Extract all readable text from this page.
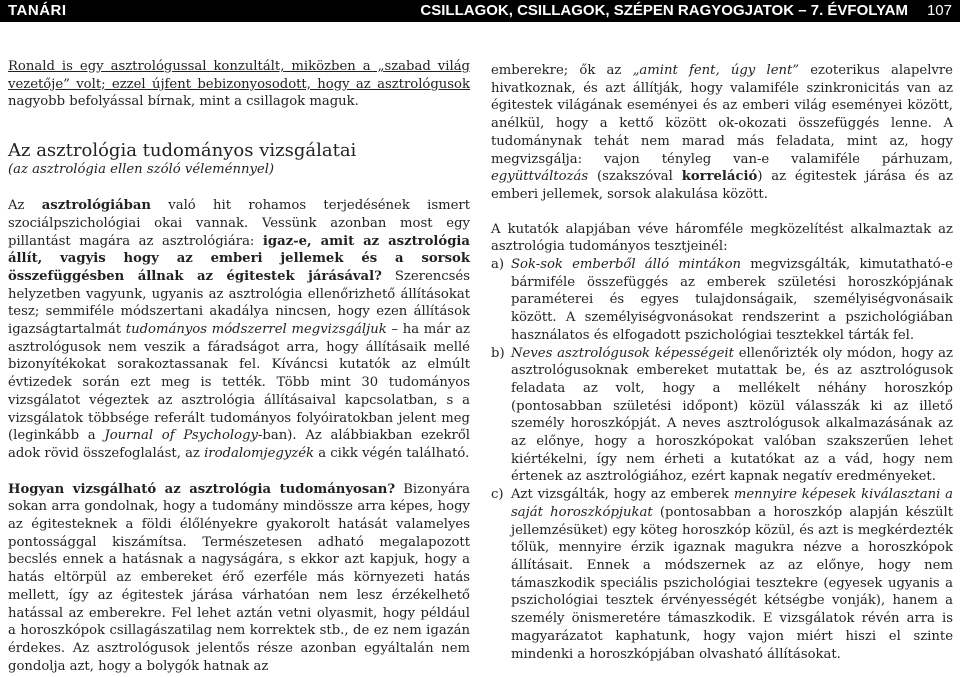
TANÁRI	CSILLAGOK, CSILLAGOK, SZÉPEN RAGYOGJATOK – 7. ÉVFOLYAM 107

Ronald is egy asztrológussal konzultált, miközben a „szabad világ vezetője” volt; ezzel újfent bebizonyosodott, hogy az asztrológusok nagyobb befolyással bírnak, mint a csillagok maguk.

Az asztrológia tudományos vizsgálatai

(az asztrológia ellen szóló véleménnyel)

Az asztrológiában való hit rohamos terjedésének ismert szociálpszichológiai okai vannak. Vessünk azonban most egy pillantást magára az asztrológiára: igaz-e, amit az asztrológia állít, vagyis hogy az emberi jellemek és a sorsok összefüggésben állnak az égitestek járásával? Szerencsés helyzetben vagyunk, ugyanis az asztrológia ellenőrizhető állításokat tesz; semmiféle módszertani akadálya nincsen, hogy ezen állítások igazságtartalmát tudományos módszerrel megvizsgáljuk – ha már az asztrológusok nem veszik a fáradságot arra, hogy állításaik mellé bizonyítékokat sorakoztassanak fel. Kíváncsi kutatók az elmúlt évtizedek során ezt meg is tették. Több mint 30 tudományos vizsgálatot végeztek az asztrológia állításaival kapcsolatban, s a vizsgálatok többsége referált tudományos folyóiratokban jelent meg (leginkább a Journal of Psychology-ban). Az alábbiakban ezekről adok rövid összefoglalást, az irodalomjegyzék a cikk végén található.

Hogyan vizsgálható az asztrológia tudományosan? Bizonyára sokan arra gondolnak, hogy a tudomány mindössze arra képes, hogy az égitesteknek a földi élőlényekre gyakorolt hatását valamelyes pontossággal kiszámítsa. Természetesen adható megalapozott becslés ennek a hatásnak a nagyságára, s ekkor azt kapjuk, hogy a hatás eltörpül az embereket érő ezerféle más környezeti hatás mellett, így az égitestek járása várhatóan nem lesz érzékelhető hatással az emberekre. Fel lehet aztán vetni olyasmit, hogy például a horoszkópok csillagászatilag nem korrektek stb., de ez nem igazán érdekes. Az asztrológusok jelentős része azonban egyáltalán nem gondolja azt, hogy a bolygók hatnak az

emberekre; ők az „amint fent, úgy lent” ezoterikus alapelvre hivatkoznak, és azt állítják, hogy valamiféle szinkronicitás van az égitestek világának eseményei és az emberi világ eseményei között, anélkül, hogy a kettő között ok-okozati összefüggés lenne. A tudománynak tehát nem marad más feladata, mint az, hogy megvizsgálja: vajon tényleg van-e valamiféle párhuzam, együttváltozás (szakszóval korreláció) az égitestek járása és az emberi jellemek, sorsok alakulása között.

A kutatók alapjában véve háromféle megközelítést alkalmaztak az asztrológia tudományos tesztjeinél:

a) Sok-sok emberből álló mintákon megvizsgálták, kimutatható-e bármiféle összefüggés az emberek születési horoszkópjának paraméterei és egyes tulajdonságaik, személyiségvonásaik között. A személyiségvonásokat rendszerint a pszichológiában használatos és elfogadott pszichológiai tesztekkel tárták fel.
b) Neves asztrológusok képességeit ellenőrizték oly módon, hogy az asztrológusoknak embereket mutattak be, és az asztrológusok feladata az volt, hogy a mellékelt néhány horoszkóp (pontosabban születési időpont) közül válasszák ki az illető személy horoszkópját. A neves asztrológusok alkalmazásának az az előnye, hogy a horoszkópokat valóban szakszerűen lehet kiértékelni, így nem érheti a kutatókat az a vád, hogy nem értenek az asztrológiához, ezért kapnak negatív eredményeket.
c) Azt vizsgálták, hogy az emberek mennyire képesek kiválasztani a saját horoszkópjukat (pontosabban a horoszkóp alapján készült jellemzésüket) egy köteg horoszkóp közül, és azt is megkérdezték tőlük, mennyire érzik igaznak magukra nézve a horoszkópok állításait. Ennek a módszernek az az előnye, hogy nem támaszkodik speciális pszichológiai tesztekre (egyesek ugyanis a pszichológiai tesztek érvényességét kétségbe vonják), hanem a személy önismeretére támaszkodik. E vizsgálatok révén arra is magyarázatot kaphatunk, hogy vajon miért hiszi el szinte mindenki a horoszkópjában olvasható állításokat.
